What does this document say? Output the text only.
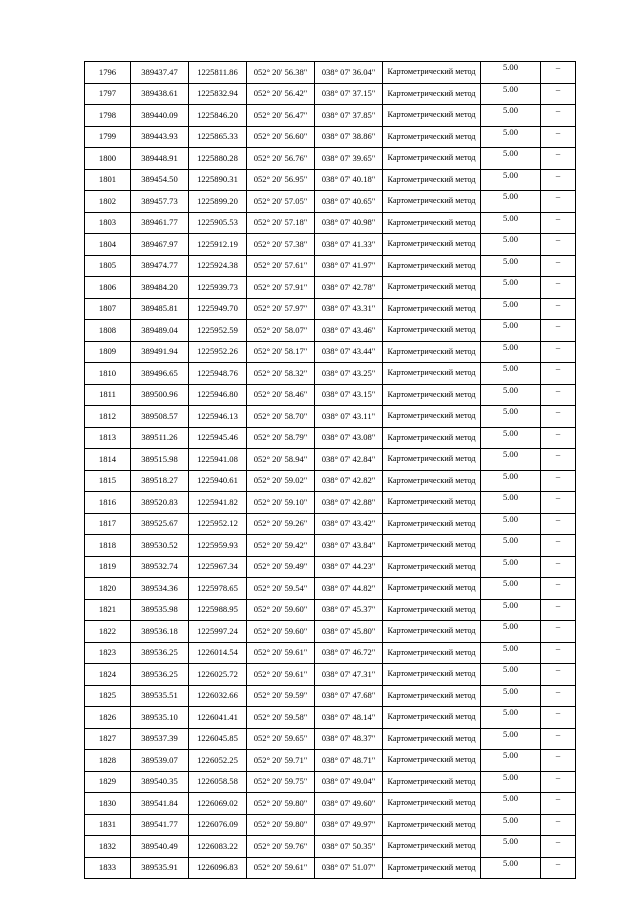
1796	389437.47	1225811.86	052° 20' 56.38"	038° 07' 36.04"	Картометрический метод	5.00	–
1797	389438.61	1225832.94	052° 20' 56.42"	038° 07' 37.15"	Картометрический метод	5.00	–
1798	389440.09	1225846.20	052° 20' 56.47"	038° 07' 37.85"	Картометрический метод	5.00	–
1799	389443.93	1225865.33	052° 20' 56.60"	038° 07' 38.86"	Картометрический метод	5.00	–
1800	389448.91	1225880.28	052° 20' 56.76"	038° 07' 39.65"	Картометрический метод	5.00	–
1801	389454.50	1225890.31	052° 20' 56.95"	038° 07' 40.18"	Картометрический метод	5.00	–
1802	389457.73	1225899.20	052° 20' 57.05"	038° 07' 40.65"	Картометрический метод	5.00	–
1803	389461.77	1225905.53	052° 20' 57.18"	038° 07' 40.98"	Картометрический метод	5.00	–
1804	389467.97	1225912.19	052° 20' 57.38"	038° 07' 41.33"	Картометрический метод	5.00	–
1805	389474.77	1225924.38	052° 20' 57.61"	038° 07' 41.97"	Картометрический метод	5.00	–
1806	389484.20	1225939.73	052° 20' 57.91"	038° 07' 42.78"	Картометрический метод	5.00	–
1807	389485.81	1225949.70	052° 20' 57.97"	038° 07' 43.31"	Картометрический метод	5.00	–
1808	389489.04	1225952.59	052° 20' 58.07"	038° 07' 43.46"	Картометрический метод	5.00	–
1809	389491.94	1225952.26	052° 20' 58.17"	038° 07' 43.44"	Картометрический метод	5.00	–
1810	389496.65	1225948.76	052° 20' 58.32"	038° 07' 43.25"	Картометрический метод	5.00	–
1811	389500.96	1225946.80	052° 20' 58.46"	038° 07' 43.15"	Картометрический метод	5.00	–
1812	389508.57	1225946.13	052° 20' 58.70"	038° 07' 43.11"	Картометрический метод	5.00	–
1813	389511.26	1225945.46	052° 20' 58.79"	038° 07' 43.08"	Картометрический метод	5.00	–
1814	389515.98	1225941.08	052° 20' 58.94"	038° 07' 42.84"	Картометрический метод	5.00	–
1815	389518.27	1225940.61	052° 20' 59.02"	038° 07' 42.82"	Картометрический метод	5.00	–
1816	389520.83	1225941.82	052° 20' 59.10"	038° 07' 42.88"	Картометрический метод	5.00	–
1817	389525.67	1225952.12	052° 20' 59.26"	038° 07' 43.42"	Картометрический метод	5.00	–
1818	389530.52	1225959.93	052° 20' 59.42"	038° 07' 43.84"	Картометрический метод	5.00	–
1819	389532.74	1225967.34	052° 20' 59.49"	038° 07' 44.23"	Картометрический метод	5.00	–
1820	389534.36	1225978.65	052° 20' 59.54"	038° 07' 44.82"	Картометрический метод	5.00	–
1821	389535.98	1225988.95	052° 20' 59.60"	038° 07' 45.37"	Картометрический метод	5.00	–
1822	389536.18	1225997.24	052° 20' 59.60"	038° 07' 45.80"	Картометрический метод	5.00	–
1823	389536.25	1226014.54	052° 20' 59.61"	038° 07' 46.72"	Картометрический метод	5.00	–
1824	389536.25	1226025.72	052° 20' 59.61"	038° 07' 47.31"	Картометрический метод	5.00	–
1825	389535.51	1226032.66	052° 20' 59.59"	038° 07' 47.68"	Картометрический метод	5.00	–
1826	389535.10	1226041.41	052° 20' 59.58"	038° 07' 48.14"	Картометрический метод	5.00	–
1827	389537.39	1226045.85	052° 20' 59.65"	038° 07' 48.37"	Картометрический метод	5.00	–
1828	389539.07	1226052.25	052° 20' 59.71"	038° 07' 48.71"	Картометрический метод	5.00	–
1829	389540.35	1226058.58	052° 20' 59.75"	038° 07' 49.04"	Картометрический метод	5.00	–
1830	389541.84	1226069.02	052° 20' 59.80"	038° 07' 49.60"	Картометрический метод	5.00	–
1831	389541.77	1226076.09	052° 20' 59.80"	038° 07' 49.97"	Картометрический метод	5.00	–
1832	389540.49	1226083.22	052° 20' 59.76"	038° 07' 50.35"	Картометрический метод	5.00	–
1833	389535.91	1226096.83	052° 20' 59.61"	038° 07' 51.07"	Картометрический метод	5.00	–
